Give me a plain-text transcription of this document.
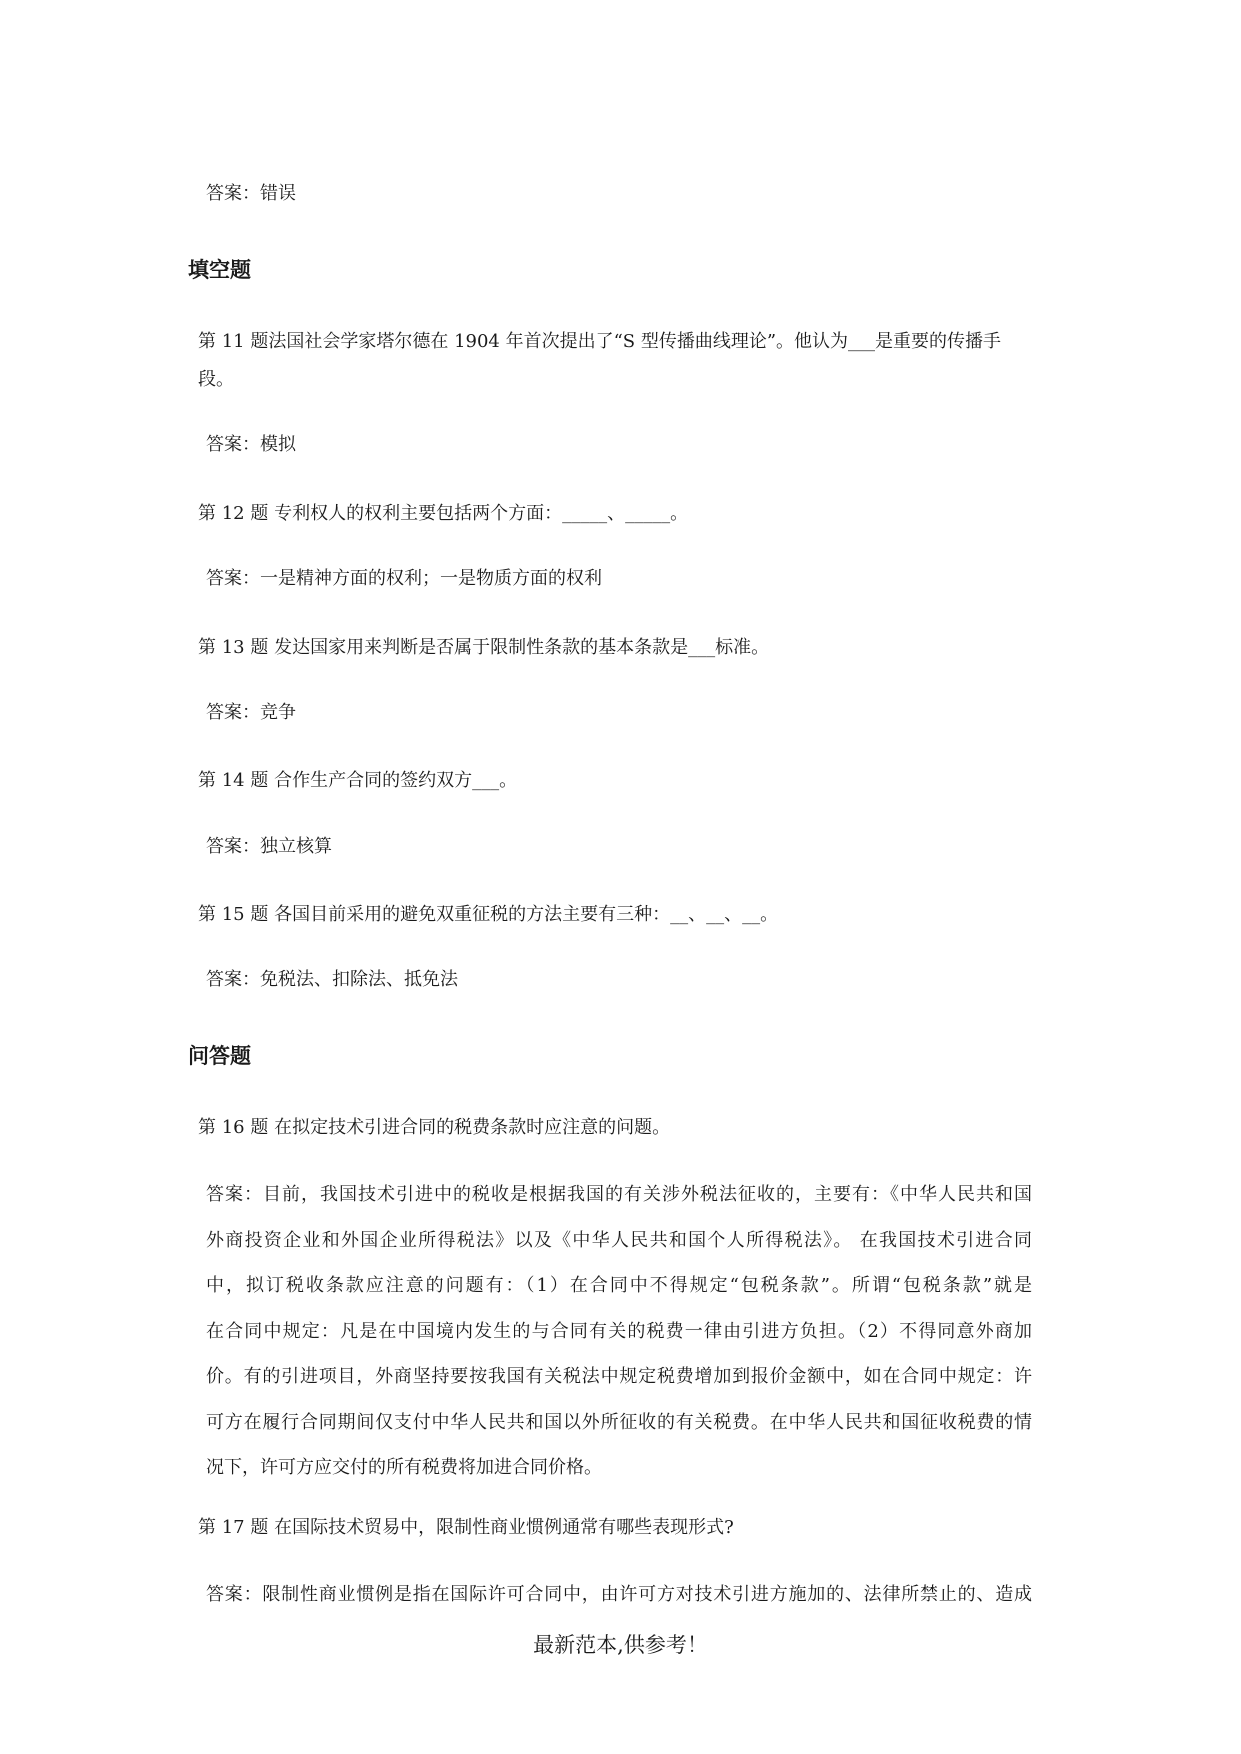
答案：错误
填空题
第 11 题法国社会学家塔尔德在 1904 年首次提出了“S 型传播曲线理论”。他认为___是重要的传播手
段。
答案：模拟
第 12 题 专利权人的权利主要包括两个方面：_____、_____。
答案：一是精神方面的权利；一是物质方面的权利
第 13 题 发达国家用来判断是否属于限制性条款的基本条款是___标准。
答案：竞争
第 14 题 合作生产合同的签约双方___。
答案：独立核算
第 15 题 各国目前采用的避免双重征税的方法主要有三种：__、__、__。
答案：免税法、扣除法、抵免法
问答题
第 16 题 在拟定技术引进合同的税费条款时应注意的问题。

答案：目前，我国技术引进中的税收是根据我国的有关涉外税法征收的，主要有：《中华人民共和国

外商投资企业和外国企业所得税法》以及《中华人民共和国个人所得税法》。 在我国技术引进合同

中，拟订税收条款应注意的问题有：（1）在合同中不得规定“包税条款”。所谓“包税条款”就是

在合同中规定：凡是在中国境内发生的与合同有关的税费一律由引进方负担。（2）不得同意外商加

价。有的引进项目，外商坚持要按我国有关税法中规定税费增加到报价金额中，如在合同中规定：许

可方在履行合同期间仅支付中华人民共和国以外所征收的有关税费。在中华人民共和国征收税费的情

况下，许可方应交付的所有税费将加进合同价格。

第 17 题 在国际技术贸易中，限制性商业惯例通常有哪些表现形式?

答案：限制性商业惯例是指在国际许可合同中，由许可方对技术引进方施加的、法律所禁止的、造成

最新范本,供参考！
